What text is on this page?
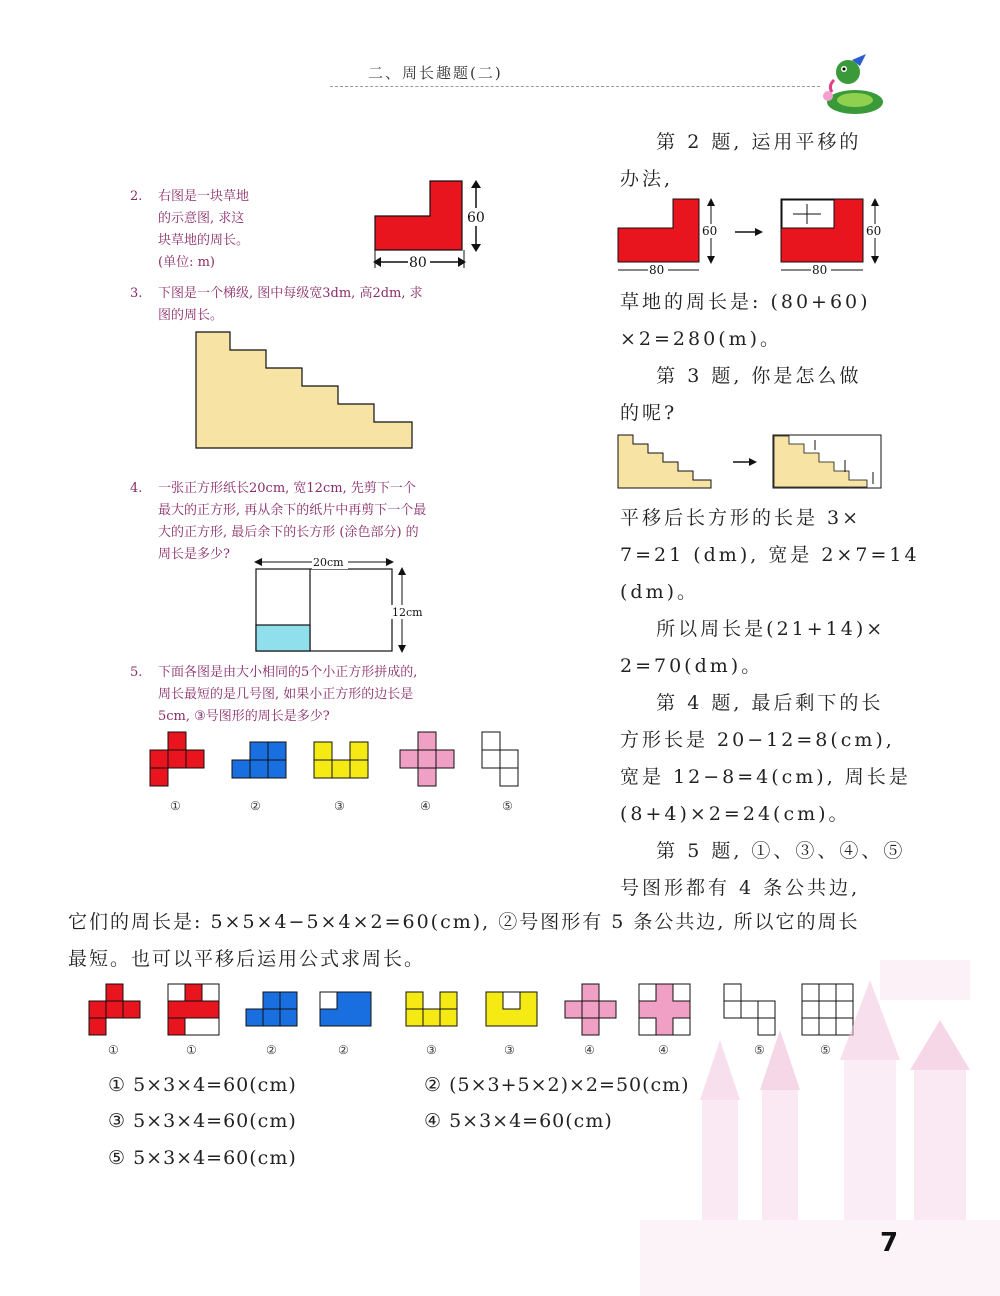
二、周长趣题(二)
2. 右图是一块草地
的示意图, 求这
块草地的周长。
(单位: m)
60
80
3. 下图是一个梯级, 图中每级宽3dm, 高2dm, 求
图的周长。
4. 一张正方形纸长20cm, 宽12cm, 先剪下一个
最大的正方形, 再从余下的纸片中再剪下一个最
大的正方形, 最后余下的长方形 (涂色部分) 的
周长是多少?
20cm
12cm
5. 下面各图是由大小相同的5个小正方形拼成的,
周长最短的是几号图, 如果小正方形的边长是
5cm, ③号图形的周长是多少?
①	②	③	④	⑤
第 2 题, 运用平移的
办法,
60
80
60
80
草地的周长是: (80+60)
×2=280(m)。
第 3 题, 你是怎么做
的呢?
平移后长方形的长是 3×
7=21 (dm), 宽是 2×7=14
(dm)。
所以周长是(21+14)×
2=70(dm)。
第 4 题, 最后剩下的长
方形长是 20−12=8(cm),
宽是 12−8=4(cm), 周长是
(8+4)×2=24(cm)。
第 5 题, ①、③、④、⑤
号图形都有 4 条公共边,
它们的周长是: 5×5×4−5×4×2=60(cm), ②号图形有 5 条公共边, 所以它的周长
最短。也可以平移后运用公式求周长。
①	①	②	②	③	③	④	④	⑤	⑤
① 5×3×4=60(cm)	② (5×3+5×2)×2=50(cm)
③ 5×3×4=60(cm)	④ 5×3×4=60(cm)
⑤ 5×3×4=60(cm)
7
